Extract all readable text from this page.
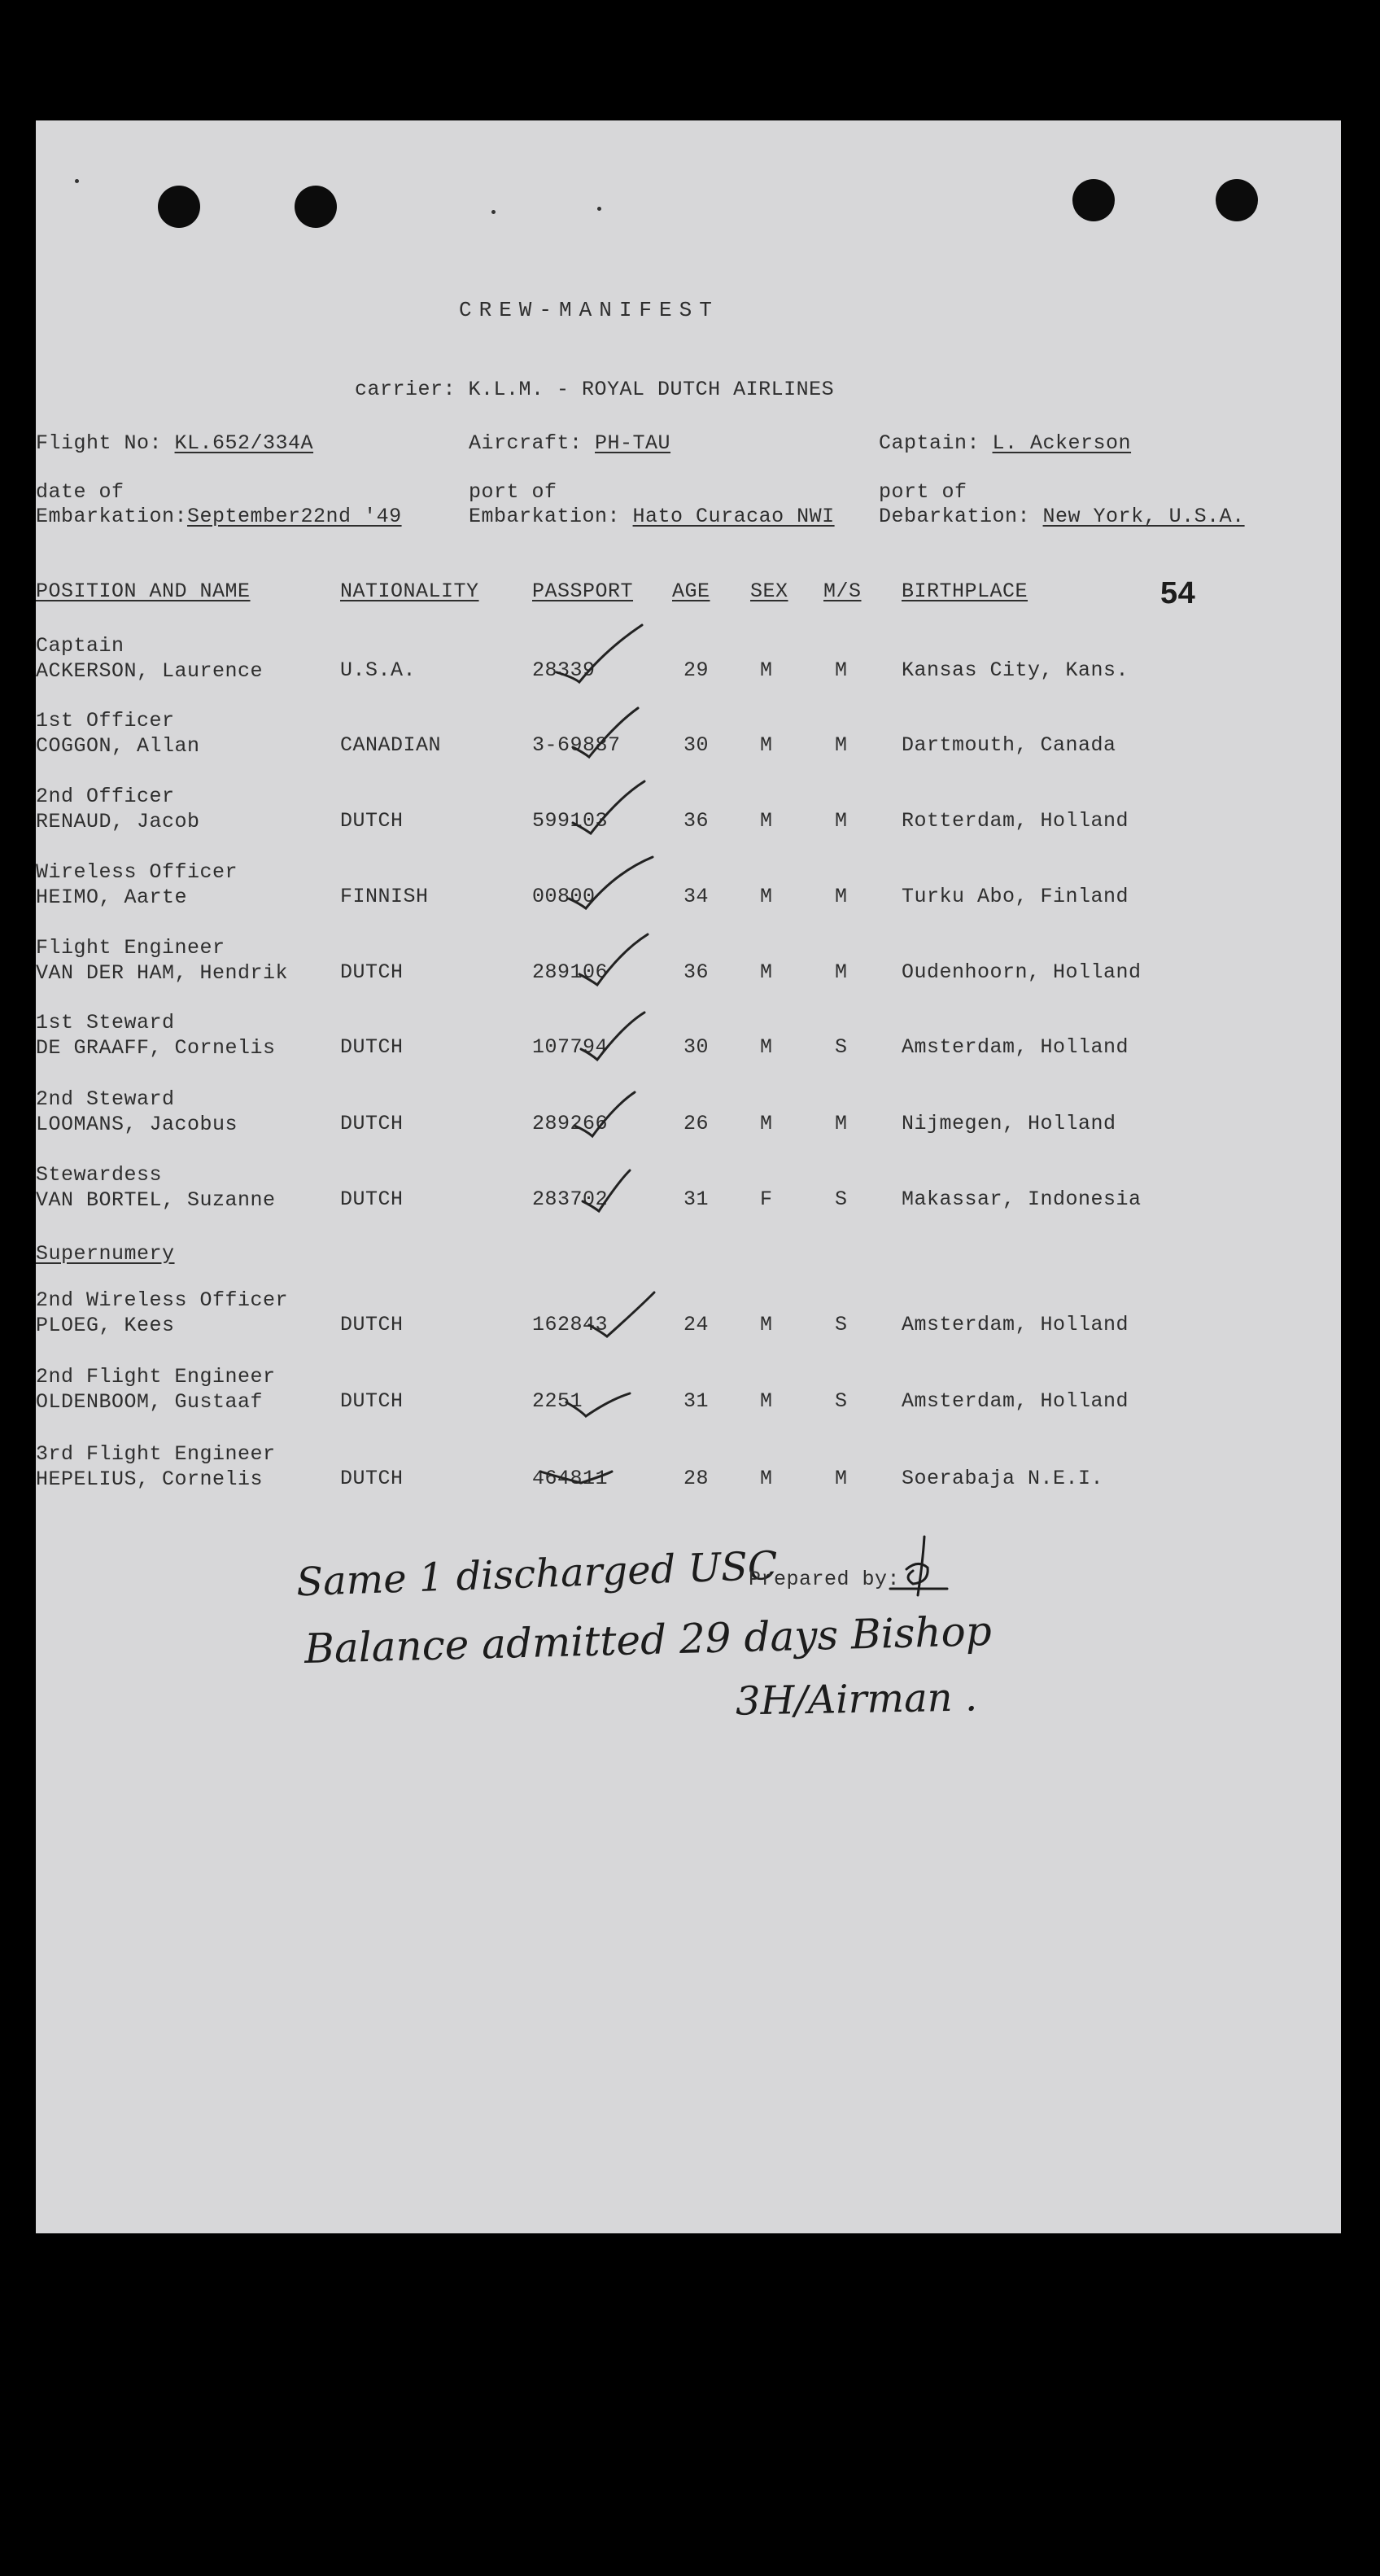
CREW-MANIFEST
carrier: K.L.M. - ROYAL DUTCH AIRLINES
Flight No: KL.652/334A	Aircraft: PH-TAU	Captain: L. Ackerson
date of
Embarkation:September22nd '49
port of
Embarkation: Hato Curacao NWI
port of
Debarkation: New York, U.S.A.
POSITION AND NAME	NATIONALITY	PASSPORT AGE SEX M/S BIRTHPLACE	54
Captain
ACKERSON, Laurence	U.S.A.	28339	29	M	M	Kansas City, Kans.
1st Officer
COGGON, Allan	CANADIAN	3-69887	30	M	M	Dartmouth, Canada
2nd Officer
RENAUD, Jacob	DUTCH	599103	36	M	M	Rotterdam, Holland
Wireless Officer
HEIMO, Aarte	FINNISH	00800	34	M	M	Turku Abo, Finland
Flight Engineer
VAN DER HAM, Hendrik	DUTCH	289106	36	M	M	Oudenhoorn, Holland
1st Steward
DE GRAAFF, Cornelis	DUTCH	107794	30	M	S	Amsterdam, Holland
2nd Steward
LOOMANS, Jacobus	DUTCH	289266	26	M	M	Nijmegen, Holland
Stewardess
VAN BORTEL, Suzanne	DUTCH	283702	31	F	S	Makassar, Indonesia
Supernumery
2nd Wireless Officer
PLOEG, Kees	DUTCH	162843	24	M	S	Amsterdam, Holland
2nd Flight Engineer
OLDENBOOM, Gustaaf	DUTCH	2251	31	M	S	Amsterdam, Holland
3rd Flight Engineer
HEPELIUS, Cornelis	DUTCH	464811	28	M	M	Soerabaja N.E.I.
Same 1 discharged USC
Prepared by:
Balance admitted 29 days Bishop
3H/Airman .
